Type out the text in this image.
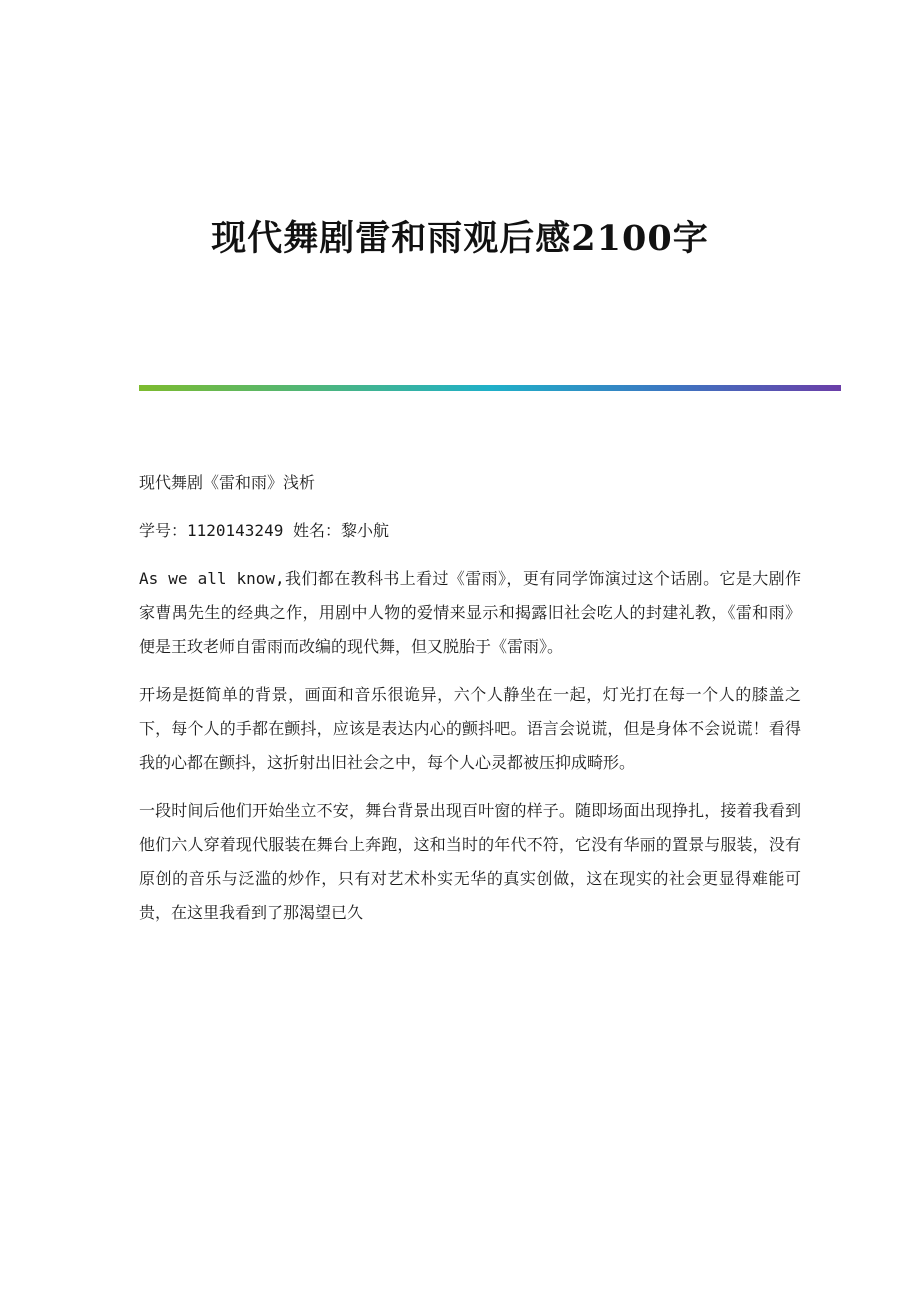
现代舞剧雷和雨观后感2100字

现代舞剧《雷和雨》浅析

学号：1120143249 姓名：黎小航

As we all know,我们都在教科书上看过《雷雨》，更有同学饰演过这个话剧。它是大剧作家曹禺先生的经典之作，用剧中人物的爱情来显示和揭露旧社会吃人的封建礼教，《雷和雨》便是王玫老师自雷雨而改编的现代舞，但又脱胎于《雷雨》。

开场是挺简单的背景，画面和音乐很诡异，六个人静坐在一起，灯光打在每一个人的膝盖之下，每个人的手都在颤抖，应该是表达内心的颤抖吧。语言会说谎，但是身体不会说谎！看得我的心都在颤抖，这折射出旧社会之中，每个人心灵都被压抑成畸形。

一段时间后他们开始坐立不安，舞台背景出现百叶窗的样子。随即场面出现挣扎，接着我看到他们六人穿着现代服装在舞台上奔跑，这和当时的年代不符，它没有华丽的置景与服装，没有原创的音乐与泛滥的炒作，只有对艺术朴实无华的真实创做，这在现实的社会更显得难能可贵，在这里我看到了那渴望已久
